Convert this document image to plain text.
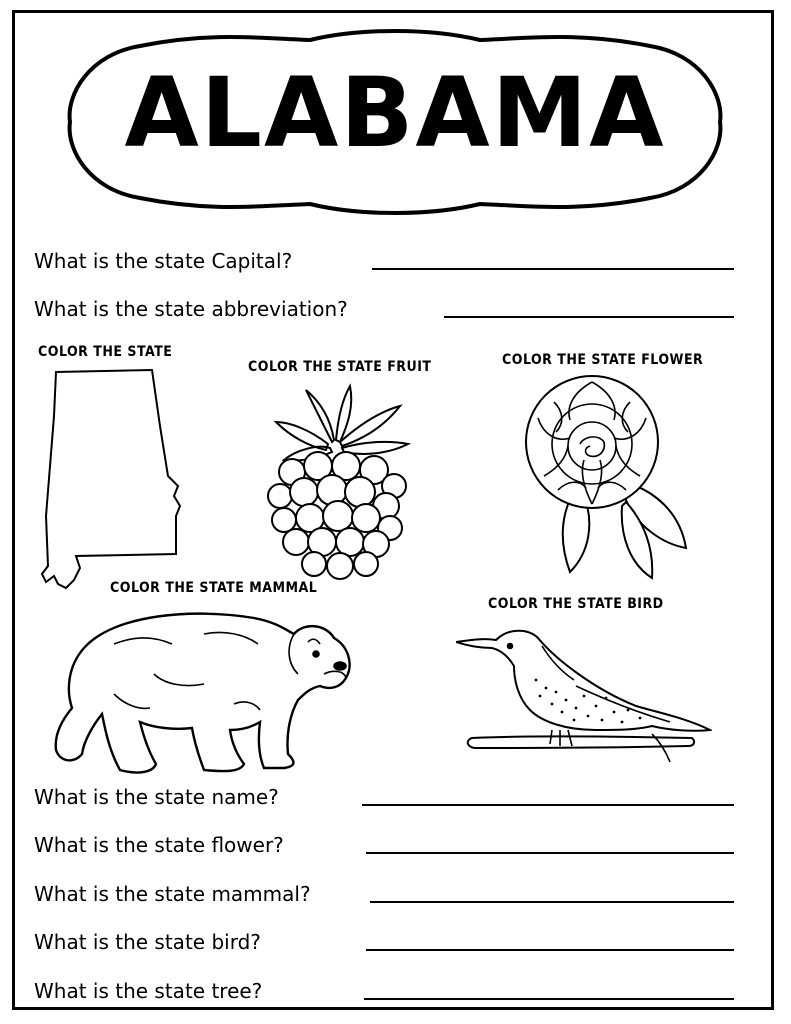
ALABAMA
What is the state Capital?
What is the state abbreviation?
COLOR THE STATE
COLOR THE STATE FRUIT	COLOR THE STATE FLOWER
COLOR THE STATE MAMMAL
COLOR THE STATE BIRD
What is the state name?
What is the state flower?
What is the state mammal?
What is the state bird?
What is the state tree?
